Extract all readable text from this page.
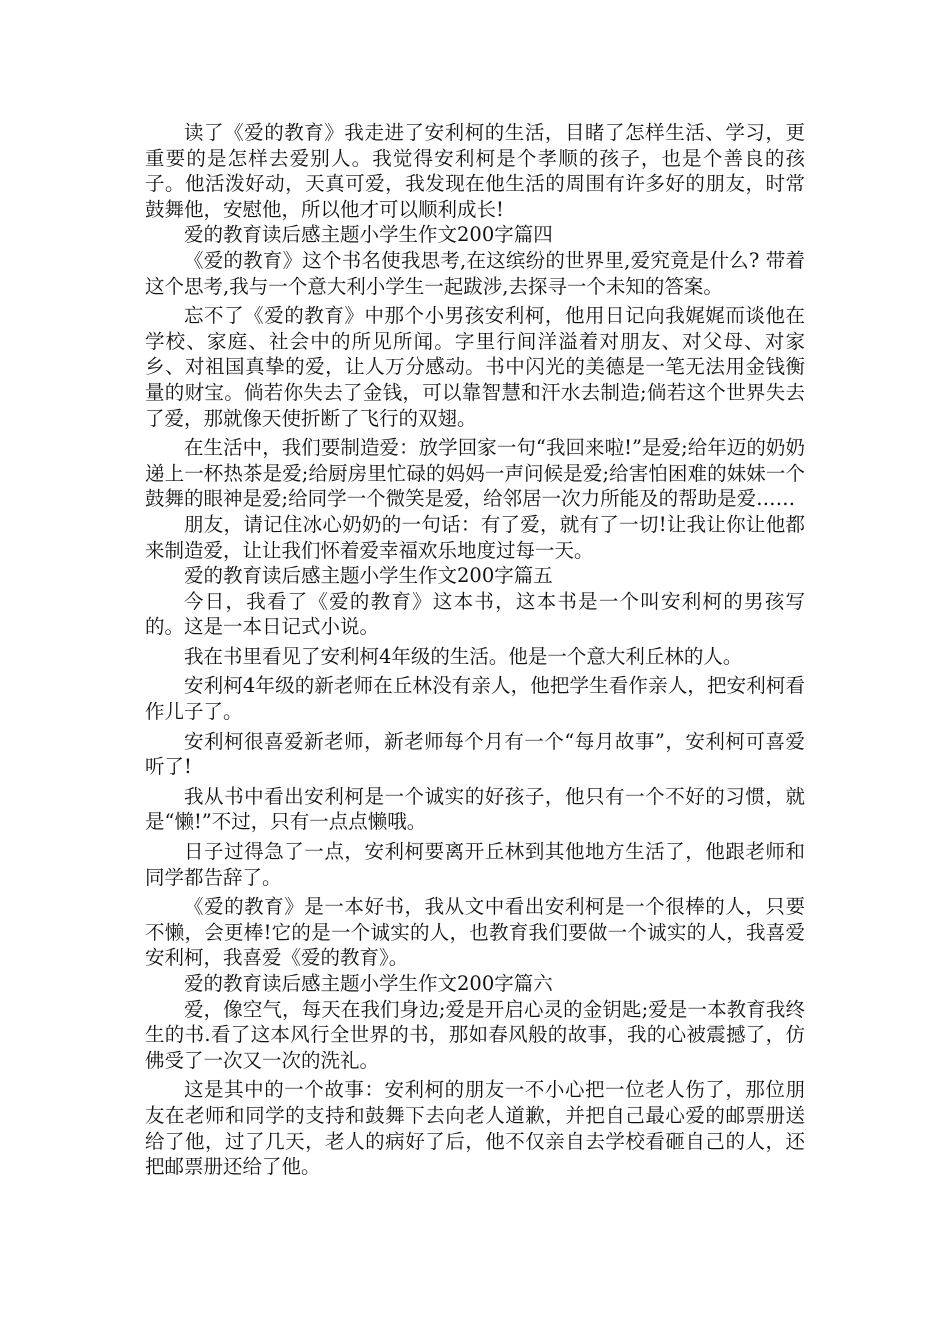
读了《爱的教育》我走进了安利柯的生活，目睹了怎样生活、学习，更重要的是怎样去爱别人。我觉得安利柯是个孝顺的孩子，也是个善良的孩子。他活泼好动，天真可爱，我发现在他生活的周围有许多好的朋友，时常鼓舞他，安慰他，所以他才可以顺利成长!

爱的教育读后感主题小学生作文200字篇四

《爱的教育》这个书名使我思考,在这缤纷的世界里,爱究竟是什么? 带着这个思考,我与一个意大利小学生一起跋涉,去探寻一个未知的答案。

忘不了《爱的教育》中那个小男孩安利柯，他用日记向我娓娓而谈他在学校、家庭、社会中的所见所闻。字里行间洋溢着对朋友、对父母、对家乡、对祖国真挚的爱，让人万分感动。书中闪光的美德是一笔无法用金钱衡量的财宝。倘若你失去了金钱，可以靠智慧和汗水去制造;倘若这个世界失去了爱，那就像天使折断了飞行的双翅。

在生活中，我们要制造爱：放学回家一句“我回来啦!”是爱;给年迈的奶奶递上一杯热茶是爱;给厨房里忙碌的妈妈一声问候是爱;给害怕困难的妹妹一个鼓舞的眼神是爱;给同学一个微笑是爱，给邻居一次力所能及的帮助是爱……

朋友，请记住冰心奶奶的一句话：有了爱，就有了一切!让我让你让他都来制造爱，让让我们怀着爱幸福欢乐地度过每一天。

爱的教育读后感主题小学生作文200字篇五

今日，我看了《爱的教育》这本书，这本书是一个叫安利柯的男孩写的。这是一本日记式小说。

我在书里看见了安利柯4年级的生活。他是一个意大利丘林的人。

安利柯4年级的新老师在丘林没有亲人，他把学生看作亲人，把安利柯看作儿子了。

安利柯很喜爱新老师，新老师每个月有一个“每月故事”，安利柯可喜爱听了!

我从书中看出安利柯是一个诚实的好孩子，他只有一个不好的习惯，就是“懒!”不过，只有一点点懒哦。

日子过得急了一点，安利柯要离开丘林到其他地方生活了，他跟老师和同学都告辞了。

《爱的教育》是一本好书，我从文中看出安利柯是一个很棒的人，只要不懒，会更棒!它的是一个诚实的人，也教育我们要做一个诚实的人，我喜爱安利柯，我喜爱《爱的教育》。

爱的教育读后感主题小学生作文200字篇六

爱，像空气，每天在我们身边;爱是开启心灵的金钥匙;爱是一本教育我终生的书.看了这本风行全世界的书，那如春风般的故事，我的心被震撼了，仿佛受了一次又一次的洗礼。

这是其中的一个故事：安利柯的朋友一不小心把一位老人伤了，那位朋友在老师和同学的支持和鼓舞下去向老人道歉，并把自己最心爱的邮票册送给了他，过了几天，老人的病好了后，他不仅亲自去学校看砸自己的人，还把邮票册还给了他。
